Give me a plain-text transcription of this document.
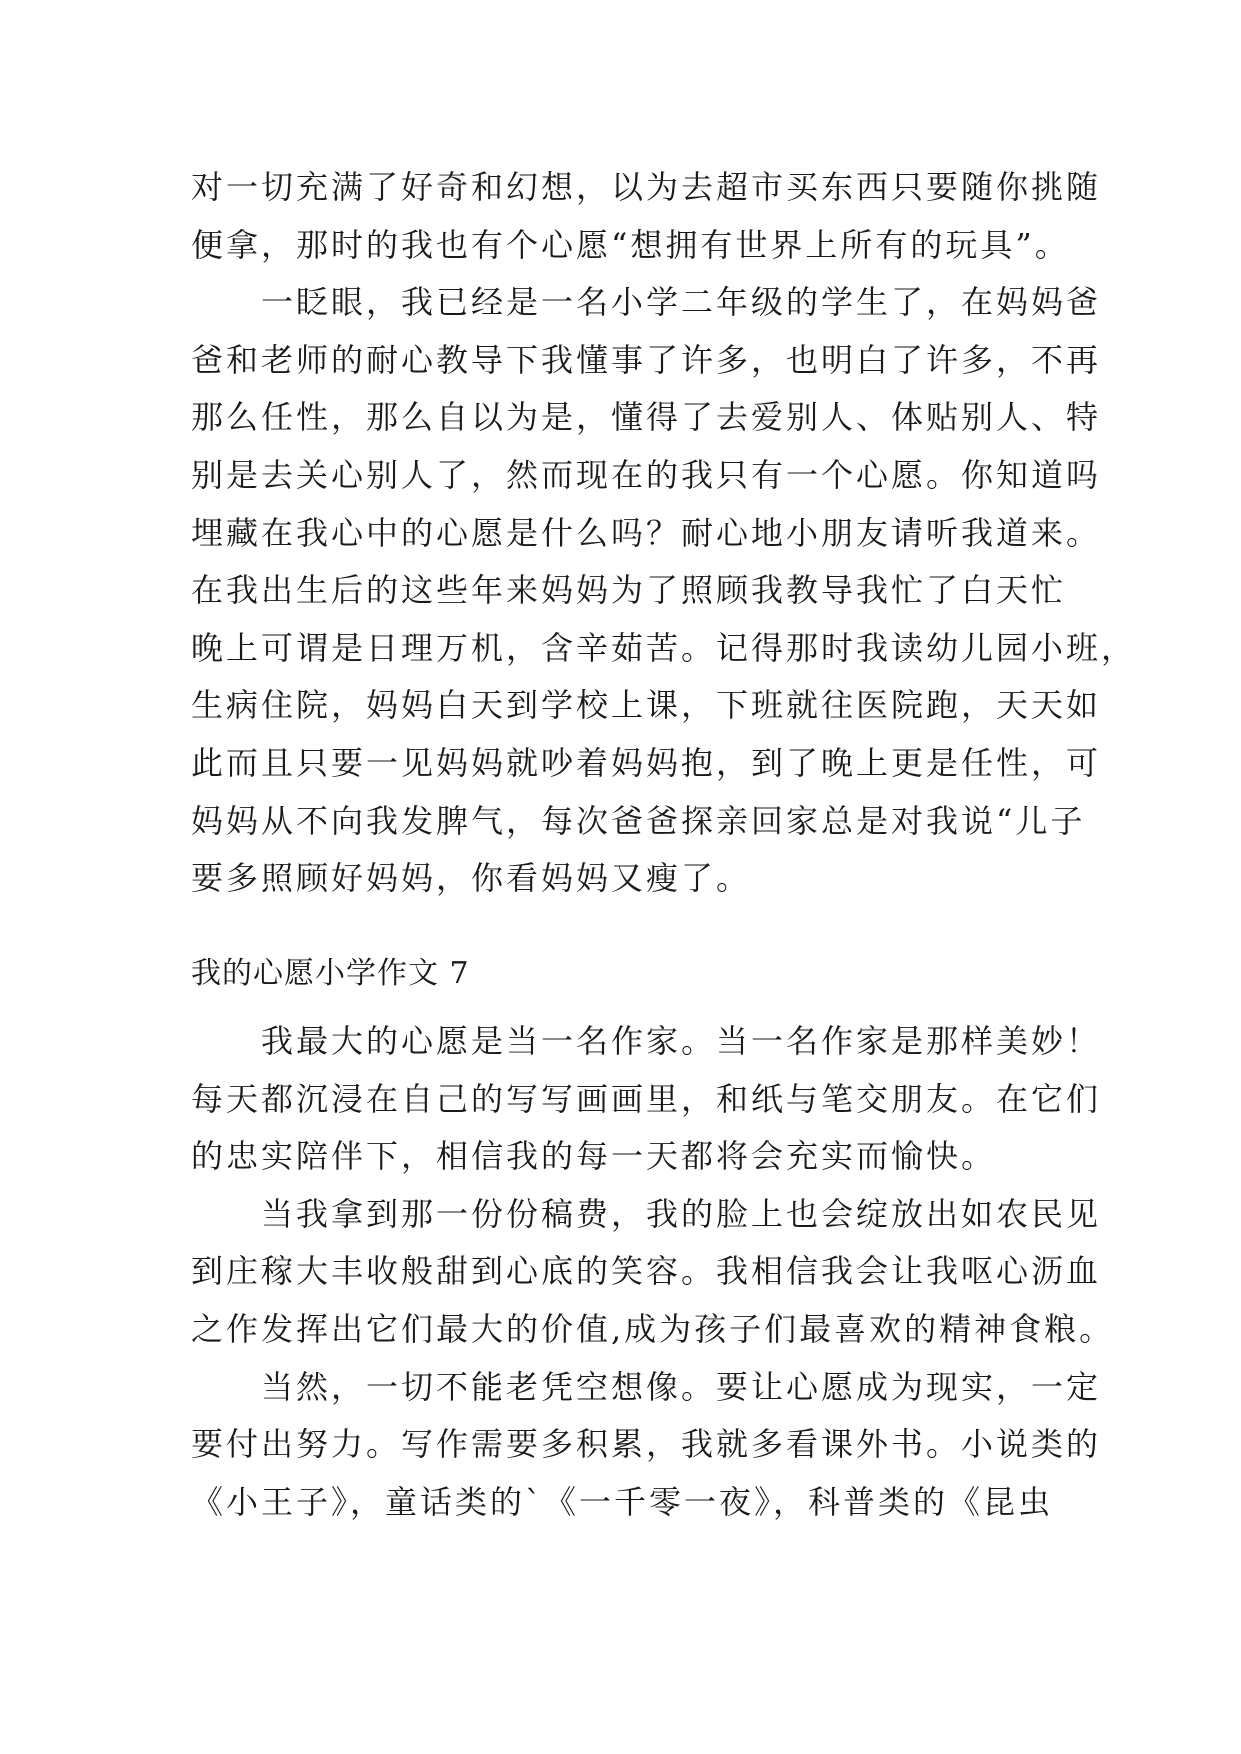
对一切充满了好奇和幻想，以为去超市买东西只要随你挑随
便拿，那时的我也有个心愿“想拥有世界上所有的玩具”。

一眨眼，我已经是一名小学二年级的学生了，在妈妈爸
爸和老师的耐心教导下我懂事了许多，也明白了许多，不再
那么任性，那么自以为是，懂得了去爱别人、体贴别人、特
别是去关心别人了，然而现在的我只有一个心愿。你知道吗
埋藏在我心中的心愿是什么吗？耐心地小朋友请听我道来。
在我出生后的这些年来妈妈为了照顾我教导我忙了白天忙
晚上可谓是日理万机，含辛茹苦。记得那时我读幼儿园小班，
生病住院，妈妈白天到学校上课，下班就往医院跑，天天如
此而且只要一见妈妈就吵着妈妈抱，到了晚上更是任性，可
妈妈从不向我发脾气，每次爸爸探亲回家总是对我说“儿子
要多照顾好妈妈，你看妈妈又瘦了。

我的心愿小学作文 7

我最大的心愿是当一名作家。当一名作家是那样美妙！
每天都沉浸在自己的写写画画里，和纸与笔交朋友。在它们
的忠实陪伴下，相信我的每一天都将会充实而愉快。

当我拿到那一份份稿费，我的脸上也会绽放出如农民见
到庄稼大丰收般甜到心底的笑容。我相信我会让我呕心沥血
之作发挥出它们最大的价值,成为孩子们最喜欢的精神食粮。

当然，一切不能老凭空想像。要让心愿成为现实，一定
要付出努力。写作需要多积累，我就多看课外书。小说类的
《小王子》，童话类的`《一千零一夜》，科普类的《昆虫
